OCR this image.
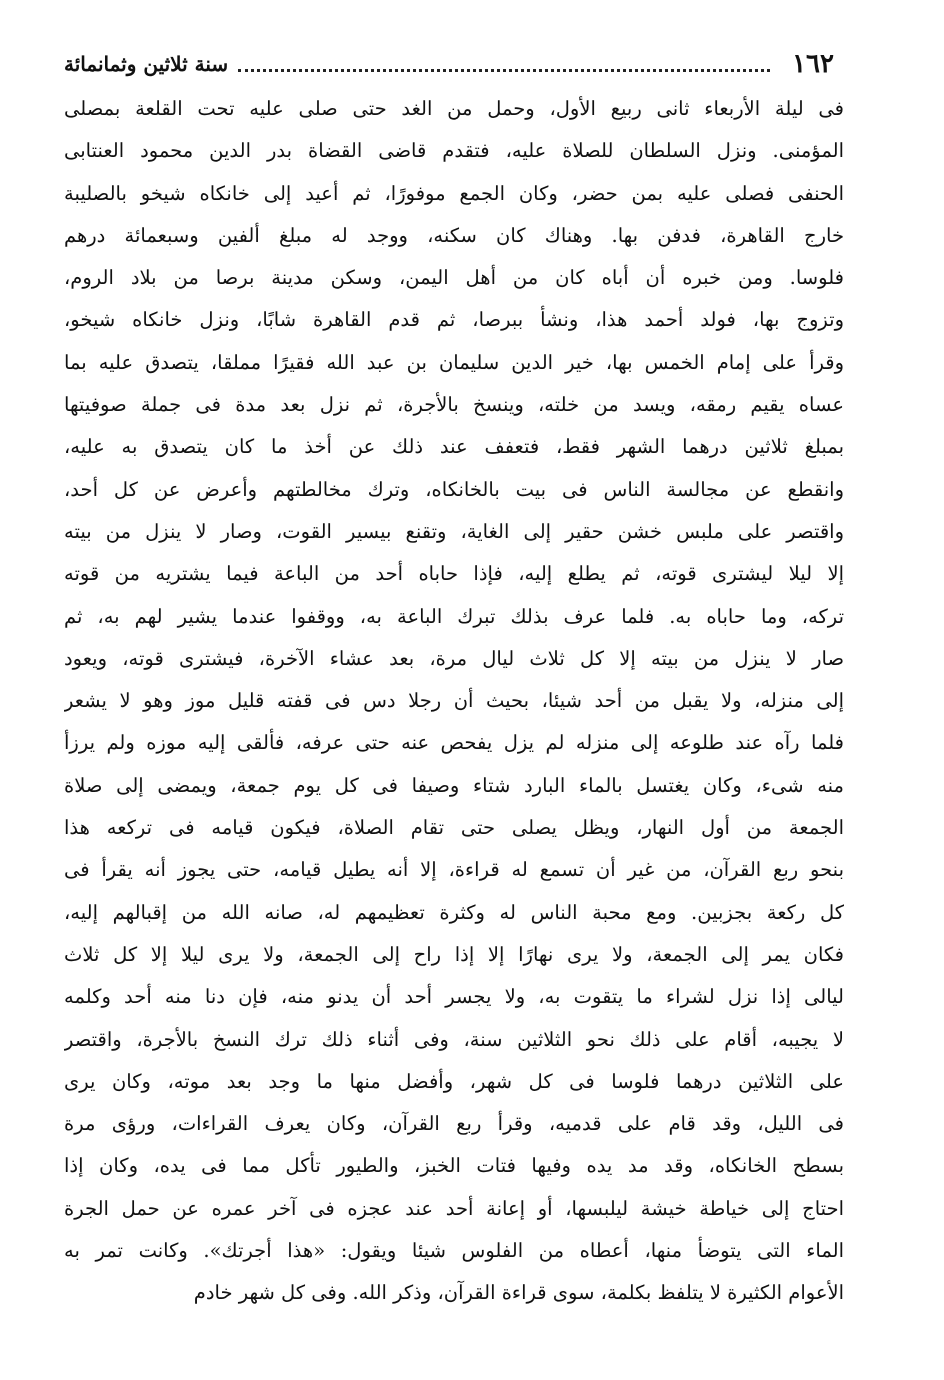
١٦٢
سنة ثلاثين وثمانمائة
فى ليلة الأربعاء ثانى ربيع الأول، وحمل من الغد حتى صلى عليه تحت القلعة بمصلى
المؤمنى. ونزل السلطان للصلاة عليه، فتقدم قاضى القضاة بدر الدين محمود العنتابى
الحنفى فصلى عليه بمن حضر، وكان الجمع موفورًا، ثم أعيد إلى خانكاه شيخو بالصليبة
خارج القاهرة، فدفن بها. وهناك كان سكنه، ووجد له مبلغ ألفين وسبعمائة درهم
فلوسا. ومن خبره أن أباه كان من أهل اليمن، وسكن مدينة برصا من بلاد الروم،
وتزوج بها، فولد أحمد هذا، ونشأ ببرصا، ثم قدم القاهرة شابًا، ونزل خانكاه شيخو،
وقرأ على إمام الخمس بها، خير الدين سليمان بن عبد الله فقيرًا مملقا، يتصدق عليه بما
عساه يقيم رمقه، ويسد من خلته، وينسخ بالأجرة، ثم نزل بعد مدة فى جملة صوفيتها
بمبلغ ثلاثين درهما الشهر فقط، فتعفف عند ذلك عن أخذ ما كان يتصدق به عليه،
وانقطع عن مجالسة الناس فى بيت بالخانكاه، وترك مخالطتهم وأعرض عن كل أحد،
واقتصر على ملبس خشن حقير إلى الغاية، وتقنع بيسير القوت، وصار لا ينزل من بيته
إلا ليلا ليشترى قوته، ثم يطلع إليه، فإذا حاباه أحد من الباعة فيما يشتريه من قوته
تركه، وما حاباه به. فلما عرف بذلك تبرك الباعة به، ووقفوا عندما يشير لهم به، ثم
صار لا ينزل من بيته إلا كل ثلاث ليال مرة، بعد عشاء الآخرة، فيشترى قوته، ويعود
إلى منزله، ولا يقبل من أحد شيئا، بحيث أن رجلا دس فى قفته قليل موز وهو لا يشعر
فلما رآه عند طلوعه إلى منزله لم يزل يفحص عنه حتى عرفه، فألقى إليه موزه ولم يرزأ
منه شىء، وكان يغتسل بالماء البارد شتاء وصيفا فى كل يوم جمعة، ويمضى إلى صلاة
الجمعة من أول النهار، ويظل يصلى حتى تقام الصلاة، فيكون قيامه فى تركعه هذا
بنحو ربع القرآن، من غير أن تسمع له قراءة، إلا أنه يطيل قيامه، حتى يجوز أنه يقرأ فى
كل ركعة بجزبين. ومع محبة الناس له وكثرة تعظيمهم له، صانه الله من إقبالهم إليه،
فكان يمر إلى الجمعة، ولا يرى نهارًا إلا إذا راح إلى الجمعة، ولا يرى ليلا إلا كل ثلاث
ليالى إذا نزل لشراء ما يتقوت به، ولا يجسر أحد أن يدنو منه، فإن دنا منه أحد وكلمه
لا يجيبه، أقام على ذلك نحو الثلاثين سنة، وفى أثناء ذلك ترك النسخ بالأجرة، واقتصر
على الثلاثين درهما فلوسا فى كل شهر، وأفضل منها ما وجد بعد موته، وكان يرى
فى الليل، وقد قام على قدميه، وقرأ ربع القرآن، وكان يعرف القراءات، ورؤى مرة
بسطح الخانكاه، وقد مد يده وفيها فتات الخبز، والطيور تأكل مما فى يده، وكان إذا
احتاج إلى خياطة خيشة ليلبسها، أو إعانة أحد عند عجزه فى آخر عمره عن حمل الجرة
الماء التى يتوضأ منها، أعطاه من الفلوس شيئا ويقول: «هذا أجرتك». وكانت تمر به
الأعوام الكثيرة لا يتلفظ بكلمة، سوى قراءة القرآن، وذكر الله. وفى كل شهر خادم
